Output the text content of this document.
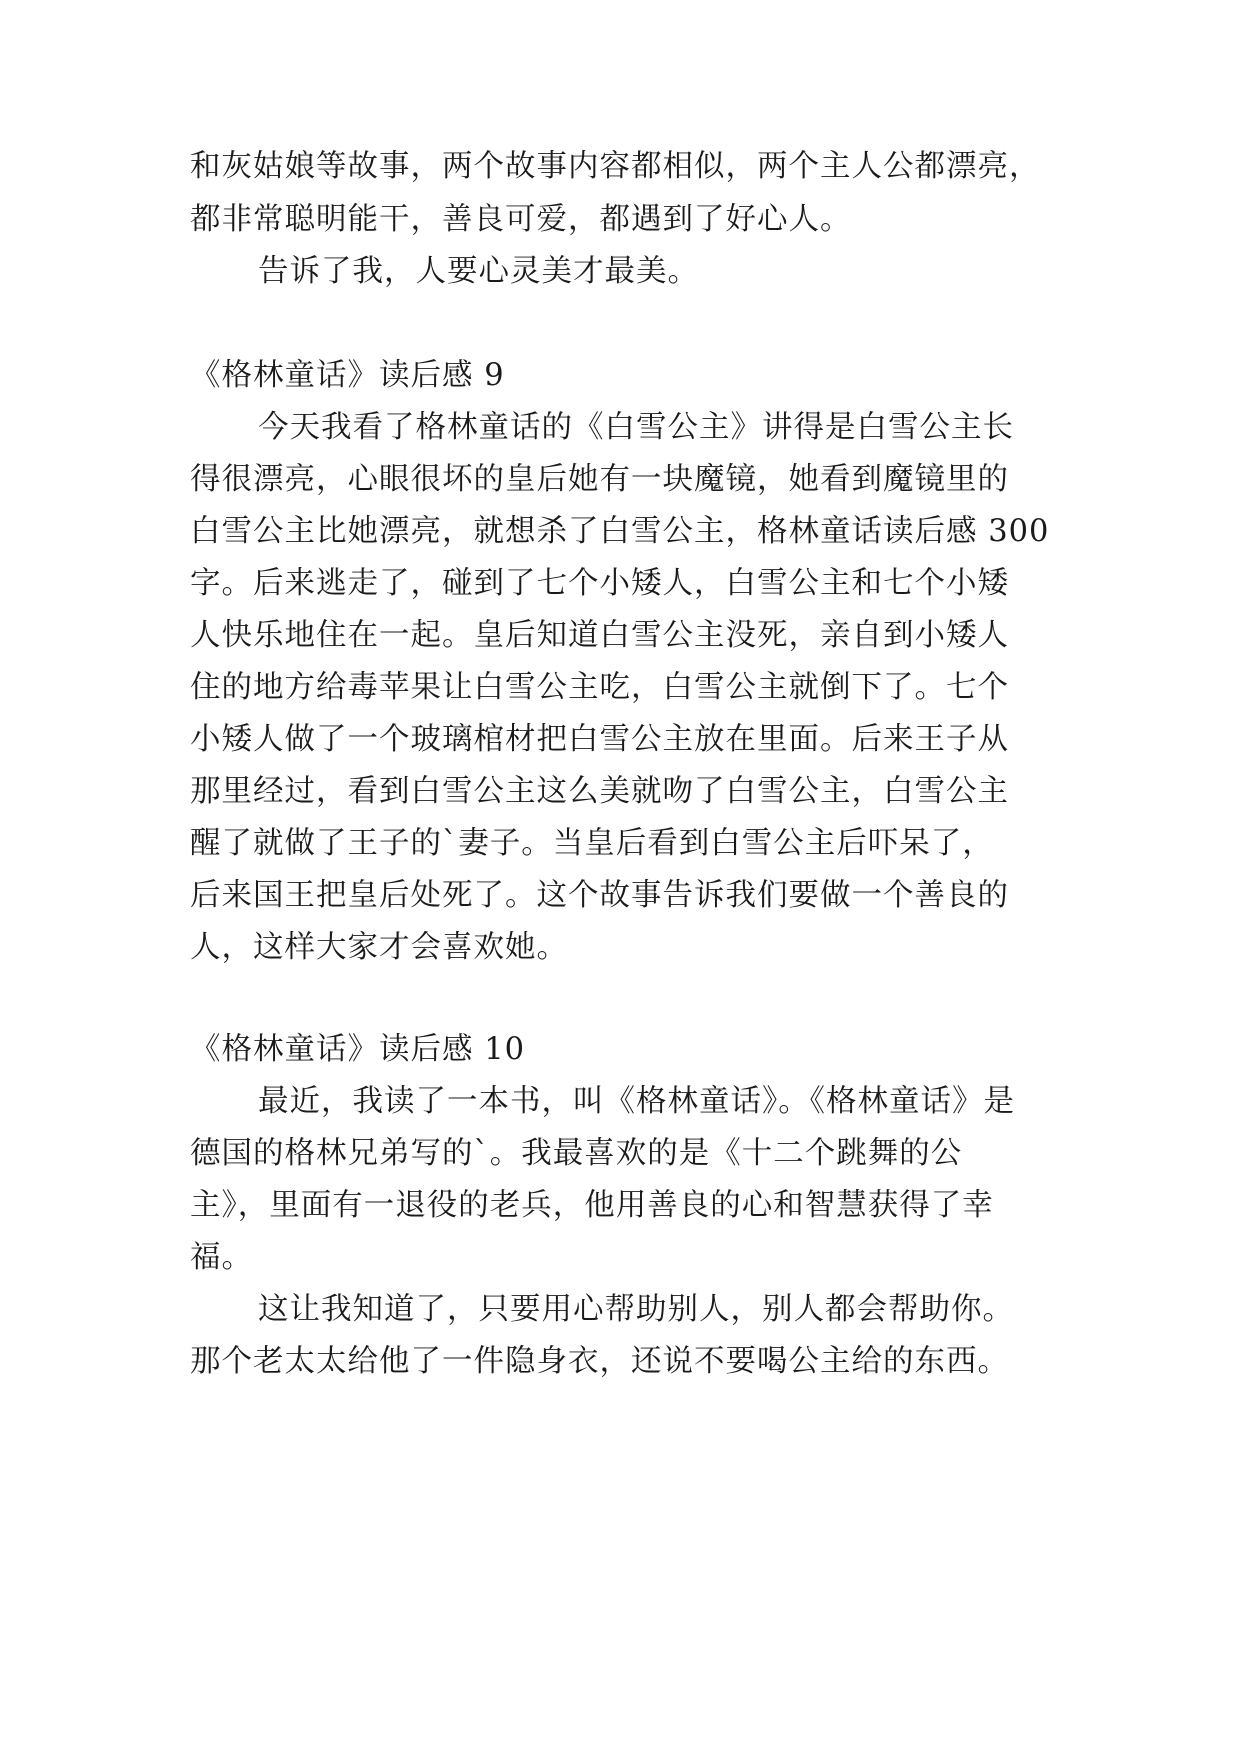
和灰姑娘等故事，两个故事内容都相似，两个主人公都漂亮，
都非常聪明能干，善良可爱，都遇到了好心人。
告诉了我，人要心灵美才最美。
《格林童话》读后感 9
今天我看了格林童话的《白雪公主》讲得是白雪公主长
得很漂亮，心眼很坏的皇后她有一块魔镜，她看到魔镜里的
白雪公主比她漂亮，就想杀了白雪公主，格林童话读后感 300
字。后来逃走了，碰到了七个小矮人，白雪公主和七个小矮
人快乐地住在一起。皇后知道白雪公主没死，亲自到小矮人
住的地方给毒苹果让白雪公主吃，白雪公主就倒下了。七个
小矮人做了一个玻璃棺材把白雪公主放在里面。后来王子从
那里经过，看到白雪公主这么美就吻了白雪公主，白雪公主
醒了就做了王子的`妻子。当皇后看到白雪公主后吓呆了，
后来国王把皇后处死了。这个故事告诉我们要做一个善良的
人，这样大家才会喜欢她。
《格林童话》读后感 10
最近，我读了一本书，叫《格林童话》。《格林童话》是
德国的格林兄弟写的`。我最喜欢的是《十二个跳舞的公
主》，里面有一退役的老兵，他用善良的心和智慧获得了幸
福。
这让我知道了，只要用心帮助别人，别人都会帮助你。
那个老太太给他了一件隐身衣，还说不要喝公主给的东西。
